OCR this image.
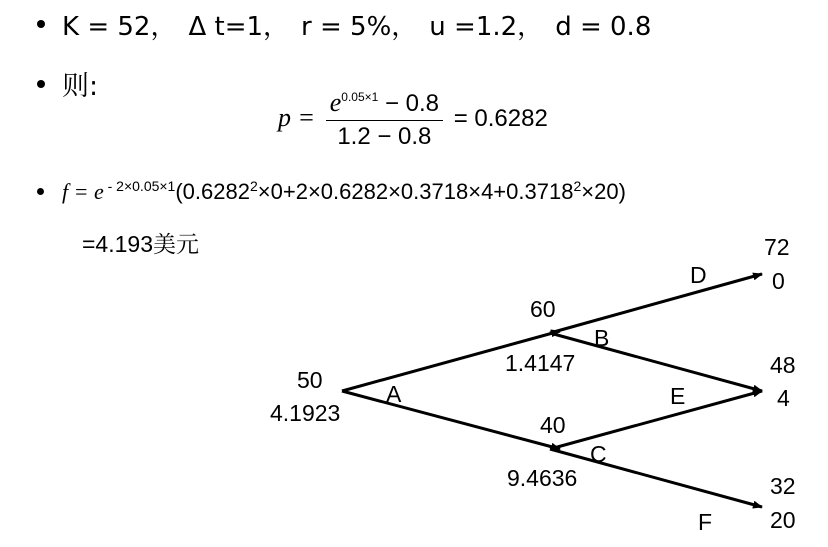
K = 52， Δ t=1， r = 5%， u =1.2， d = 0.8
则:
$p = \frac{e^{0.05\times 1} - 0.8}{1.2 - 0.8} = 0.6282$
f = e $^{- 2\times 0.05\times 1}(0.6282^2\times 0+2\times 0.6282\times 0.3718\times 4+0.3718^2\times 20)$
=4.193美元
50
4.1923
A
60
1.4147
B
40
9.4636
C
D
72
0
E
48
4
F
32
20
